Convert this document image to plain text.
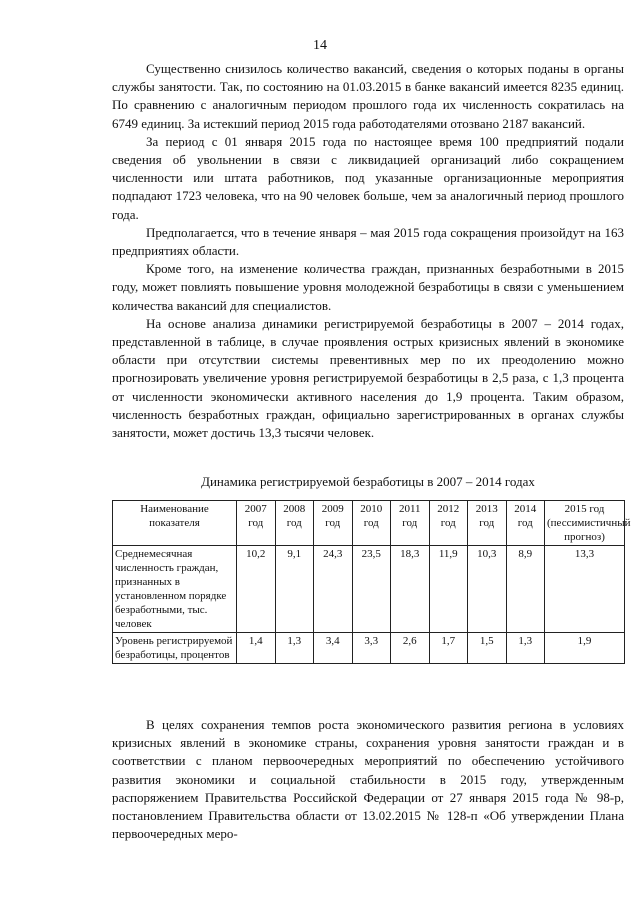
14

Существенно снизилось количество вакансий, сведения о которых поданы в органы службы занятости. Так, по состоянию на 01.03.2015 в банке вакансий имеется 8235 единиц. По сравнению с аналогичным периодом прошлого года их численность сократилась на 6749 единиц. За истекший период 2015 года работодателями отозвано 2187 вакансий.

За период с 01 января 2015 года по настоящее время 100 предприятий подали сведения об увольнении в связи с ликвидацией организаций либо сокращением численности или штата работников, под указанные организационные мероприятия подпадают 1723 человека, что на 90 человек больше, чем за аналогичный период прошлого года.

Предполагается, что в течение января – мая 2015 года сокращения произойдут на 163 предприятиях области.

Кроме того, на изменение количества граждан, признанных безработными в 2015 году, может повлиять повышение уровня молодежной безработицы в связи с уменьшением количества вакансий для специалистов.

На основе анализа динамики регистрируемой безработицы в 2007 – 2014 годах, представленной в таблице, в случае проявления острых кризисных явлений в экономике области при отсутствии системы превентивных мер по их преодолению можно прогнозировать увеличение уровня регистрируемой безработицы в 2,5 раза, с 1,3 процента от численности экономически активного населения до 1,9 процента. Таким образом, численность безработных граждан, официально зарегистрированных в органах службы занятости, может достичь 13,3 тысячи человек.

Динамика регистрируемой безработицы в 2007 – 2014 годах
Наименование показателя	2007 год	2008 год	2009 год	2010 год	2011 год	2012 год	2013 год	2014 год	2015 год (пессимистичный прогноз)
Среднемесячная численность граждан, признанных в установленном порядке безработными, тыс. человек	10,2	9,1	24,3	23,5	18,3	11,9	10,3	8,9	13,3
Уровень регистрируемой безработицы, процентов	1,4	1,3	3,4	3,3	2,6	1,7	1,5	1,3	1,9

В целях сохранения темпов роста экономического развития региона в условиях кризисных явлений в экономике страны, сохранения уровня занятости граждан и в соответствии с планом первоочередных мероприятий по обеспечению устойчивого развития экономики и социальной стабильности в 2015 году, утвержденным распоряжением Правительства Российской Федерации от 27 января 2015 года № 98-р, постановлением Правительства области от 13.02.2015 № 128-п «Об утверждении Плана первоочередных меро-
